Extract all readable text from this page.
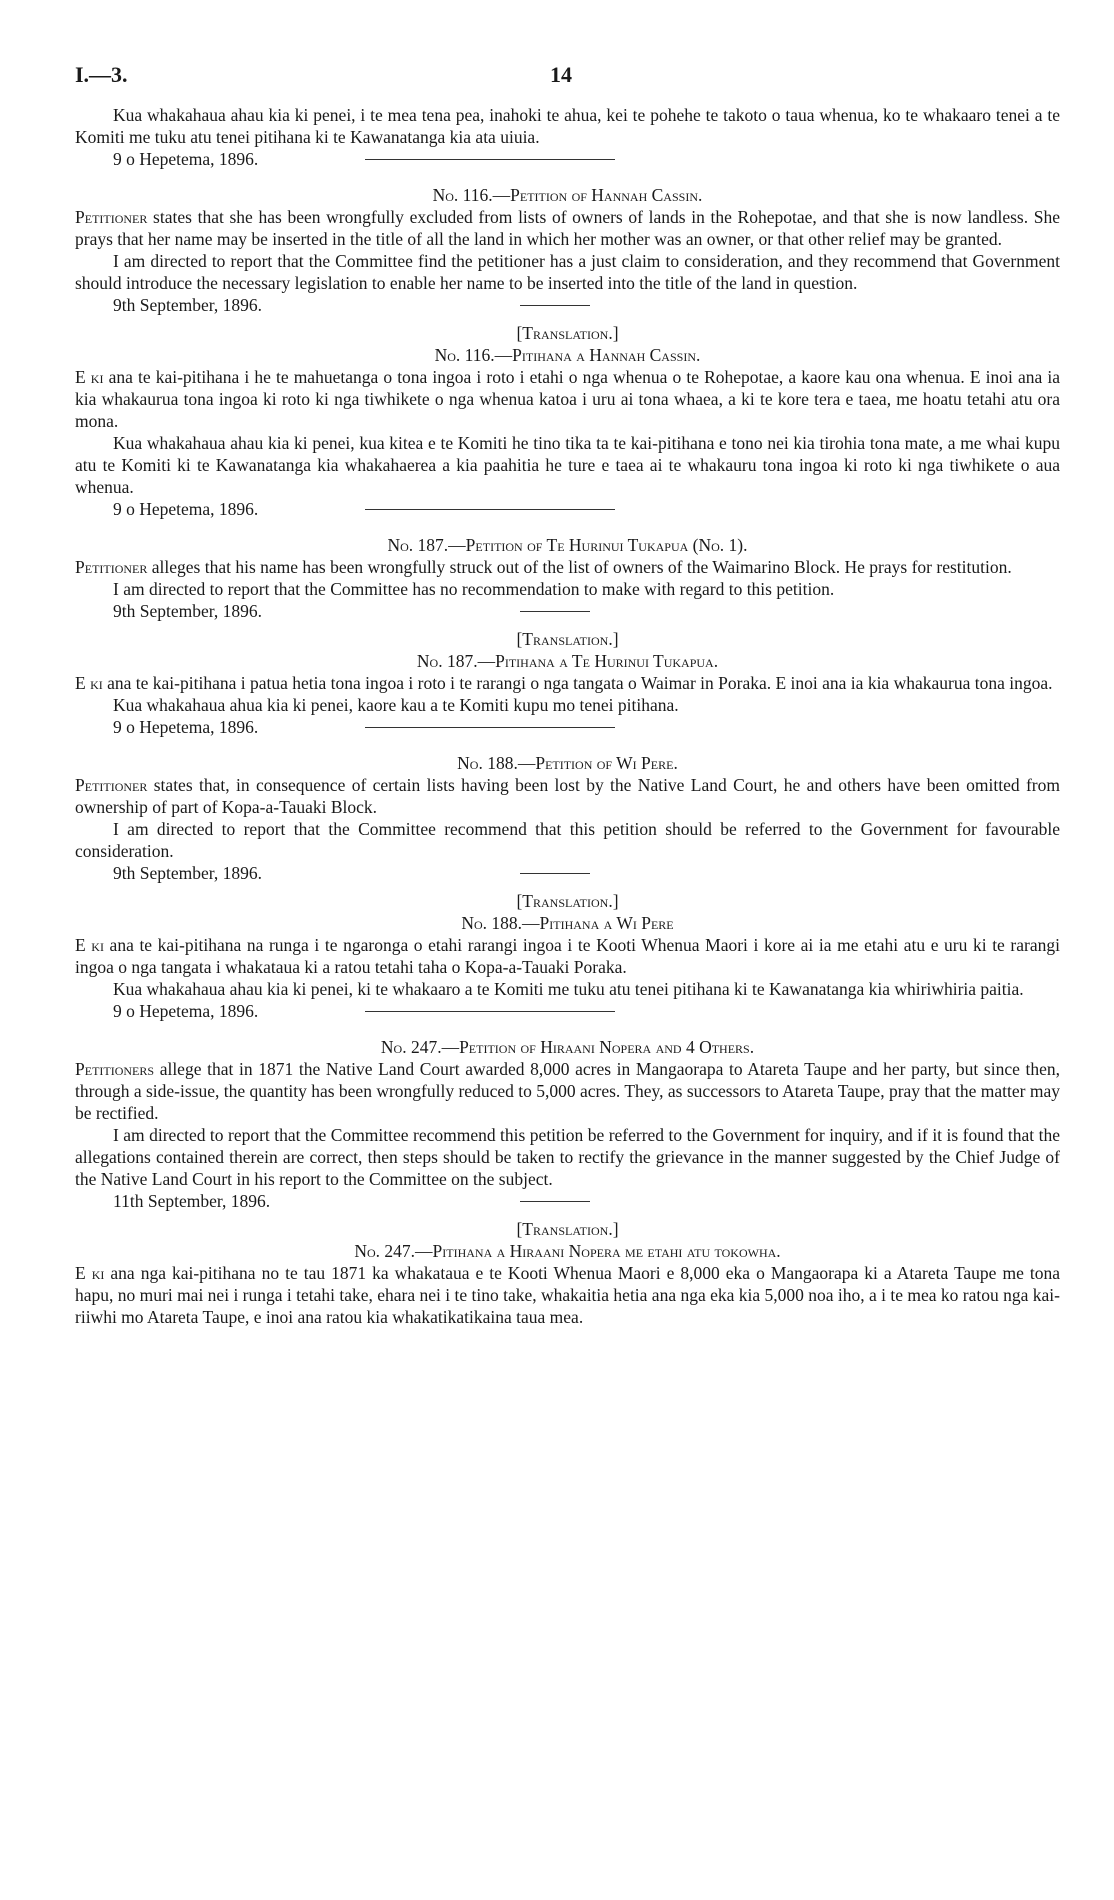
I.—3.	14

Kua whakahaua ahau kia ki penei, i te mea tena pea, inahoki te ahua, kei te pohehe te takoto o taua whenua, ko te whakaaro tenei a te Komiti me tuku atu tenei pitihana ki te Kawanatanga kia ata uiuia.

9 o Hepetema, 1896.
No. 116.—Petition of Hannah Cassin.

Petitioner states that she has been wrongfully excluded from lists of owners of lands in the Rohepotae, and that she is now landless. She prays that her name may be inserted in the title of all the land in which her mother was an owner, or that other relief may be granted.

I am directed to report that the Committee find the petitioner has a just claim to consideration, and they recommend that Government should introduce the necessary legislation to enable her name to be inserted into the title of the land in question.

9th September, 1896.
[Translation.]
No. 116.—Pitihana a Hannah Cassin.

E ki ana te kai-pitihana i he te mahuetanga o tona ingoa i roto i etahi o nga whenua o te Rohepotae, a kaore kau ona whenua. E inoi ana ia kia whakaurua tona ingoa ki roto ki nga tiwhikete o nga whenua katoa i uru ai tona whaea, a ki te kore tera e taea, me hoatu tetahi atu ora mona.

Kua whakahaua ahau kia ki penei, kua kitea e te Komiti he tino tika ta te kai-pitihana e tono nei kia tirohia tona mate, a me whai kupu atu te Komiti ki te Kawanatanga kia whakahaerea a kia paahitia he ture e taea ai te whakauru tona ingoa ki roto ki nga tiwhikete o aua whenua.

9 o Hepetema, 1896.
No. 187.—Petition of Te Hurinui Tukapua (No. 1).

Petitioner alleges that his name has been wrongfully struck out of the list of owners of the Waimarino Block. He prays for restitution.

I am directed to report that the Committee has no recommendation to make with regard to this petition.

9th September, 1896.
[Translation.]
No. 187.—Pitihana a Te Hurinui Tukapua.

E ki ana te kai-pitihana i patua hetia tona ingoa i roto i te rarangi o nga tangata o Waimar in Poraka. E inoi ana ia kia whakaurua tona ingoa.

Kua whakahaua ahua kia ki penei, kaore kau a te Komiti kupu mo tenei pitihana.

9 o Hepetema, 1896.
No. 188.—Petition of Wi Pere.

Petitioner states that, in consequence of certain lists having been lost by the Native Land Court, he and others have been omitted from ownership of part of Kopa-a-Tauaki Block.

I am directed to report that the Committee recommend that this petition should be referred to the Government for favourable consideration.

9th September, 1896.
[Translation.]
No. 188.—Pitihana a Wi Pere

E ki ana te kai-pitihana na runga i te ngaronga o etahi rarangi ingoa i te Kooti Whenua Maori i kore ai ia me etahi atu e uru ki te rarangi ingoa o nga tangata i whakataua ki a ratou tetahi taha o Kopa-a-Tauaki Poraka.

Kua whakahaua ahau kia ki penei, ki te whakaaro a te Komiti me tuku atu tenei pitihana ki te Kawanatanga kia whiriwhiria paitia.

9 o Hepetema, 1896.
No. 247.—Petition of Hiraani Nopera and 4 Others.

Petitioners allege that in 1871 the Native Land Court awarded 8,000 acres in Mangaorapa to Atareta Taupe and her party, but since then, through a side-issue, the quantity has been wrongfully reduced to 5,000 acres. They, as successors to Atareta Taupe, pray that the matter may be rectified.

I am directed to report that the Committee recommend this petition be referred to the Government for inquiry, and if it is found that the allegations contained therein are correct, then steps should be taken to rectify the grievance in the manner suggested by the Chief Judge of the Native Land Court in his report to the Committee on the subject.

11th September, 1896.
[Translation.]
No. 247.—Pitihana a Hiraani Nopera me etahi atu tokowha.

E ki ana nga kai-pitihana no te tau 1871 ka whakataua e te Kooti Whenua Maori e 8,000 eka o Mangaorapa ki a Atareta Taupe me tona hapu, no muri mai nei i runga i tetahi take, ehara nei i te tino take, whakaitia hetia ana nga eka kia 5,000 noa iho, a i te mea ko ratou nga kai-riiwhi mo Atareta Taupe, e inoi ana ratou kia whakatikatikaina taua mea.
